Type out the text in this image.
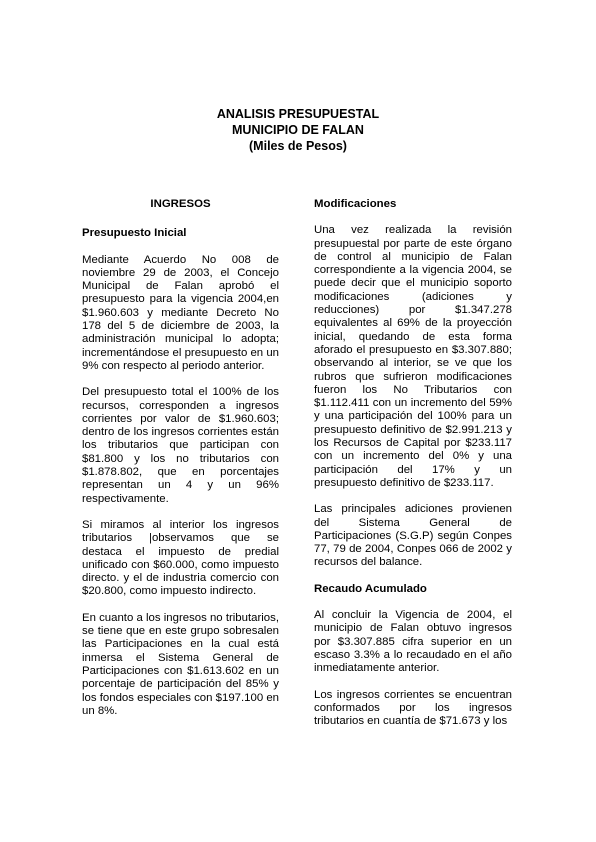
ANALISIS PRESUPUESTAL
MUNICIPIO DE FALAN
(Miles de Pesos)
INGRESOS
Presupuesto Inicial

Mediante Acuerdo No 008 de noviembre 29 de 2003, el Concejo Municipal de Falan aprobó el presupuesto para la vigencia 2004,en $1.960.603 y mediante Decreto No 178 del 5 de diciembre de 2003, la administración municipal lo adopta; incrementándose el presupuesto en un 9% con respecto al periodo anterior.

Del presupuesto total el 100% de los recursos, corresponden a ingresos corrientes por valor de $1.960.603; dentro de los ingresos corrientes están los tributarios que participan con $81.800 y los no tributarios con $1.878.802, que en porcentajes representan un 4 y un 96% respectivamente.

Si miramos al interior los ingresos tributarios |observamos que se destaca el impuesto de predial unificado con $60.000, como impuesto directo. y el de industria comercio con $20.800, como impuesto indirecto.

En cuanto a los ingresos no tributarios, se tiene que en este grupo sobresalen las Participaciones en la cual está inmersa el Sistema General de Participaciones con $1.613.602 en un porcentaje de participación del 85% y los fondos especiales con $197.100 en un 8%.

Modificaciones

Una vez realizada la revisión presupuestal por parte de este órgano de control al municipio de Falan correspondiente a la vigencia 2004, se puede decir que el municipio soporto modificaciones (adiciones y reducciones) por $1.347.278 equivalentes al 69% de la proyección inicial, quedando de esta forma aforado el presupuesto en $3.307.880; observando al interior, se ve que los rubros que sufrieron modificaciones fueron los No Tributarios con $1.112.411 con un incremento del 59% y una participación del 100% para un presupuesto definitivo de $2.991.213 y los Recursos de Capital por $233.117 con un incremento del 0% y una participación del 17% y un presupuesto definitivo de $233.117.

Las principales adiciones provienen del Sistema General de Participaciones (S.G.P) según Conpes 77, 79 de 2004, Conpes 066 de 2002 y recursos del balance.

Recaudo Acumulado

Al concluir la Vigencia de 2004, el municipio de Falan obtuvo ingresos por $3.307.885 cifra superior en un escaso 3.3% a lo recaudado en el año inmediatamente anterior.

Los ingresos corrientes se encuentran conformados por los ingresos tributarios en cuantía de $71.673 y los
